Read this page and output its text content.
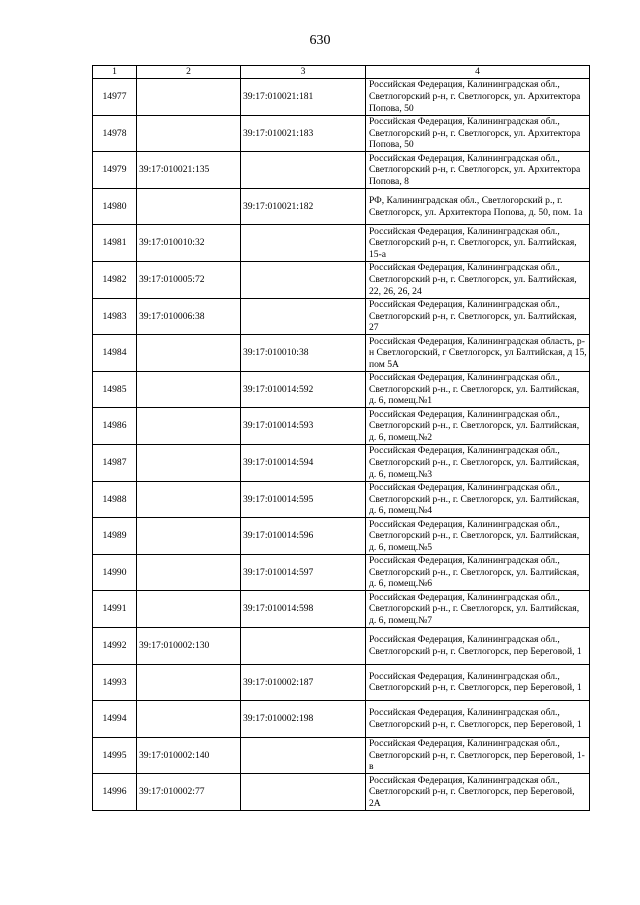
630
1	2	3	4
14977		39:17:010021:181	Российская Федерация, Калининградская обл., Светлогорский р-н, г. Светлогорск, ул. Архитектора Попова, 50
14978		39:17:010021:183	Российская Федерация, Калининградская обл., Светлогорский р-н, г. Светлогорск, ул. Архитектора Попова, 50
14979	39:17:010021:135		Российская Федерация, Калининградская обл., Светлогорский р-н, г. Светлогорск, ул. Архитектора Попова, 8
14980		39:17:010021:182	РФ, Калининградская обл., Светлогорский р., г. Светлогорск, ул. Архитектора Попова, д. 50, пом. 1а
14981	39:17:010010:32		Российская Федерация, Калининградская обл., Светлогорский р-н, г. Светлогорск, ул. Балтийская, 15-а
14982	39:17:010005:72		Российская Федерация, Калининградская обл., Светлогорский р-н, г. Светлогорск, ул. Балтийская, 22, 26, 26, 24
14983	39:17:010006:38		Российская Федерация, Калининградская обл., Светлогорский р-н, г. Светлогорск, ул. Балтийская, 27
14984		39:17:010010:38	Российская Федерация, Калининградская область, р-н Светлогорский, г Светлогорск, ул Балтийская, д 15, пом 5А
14985		39:17:010014:592	Российская Федерация, Калининградская обл., Светлогорский р-н., г. Светлогорск, ул. Балтийская, д. 6, помещ.№1
14986		39:17:010014:593	Российская Федерация, Калининградская обл., Светлогорский р-н., г. Светлогорск, ул. Балтийская, д. 6, помещ.№2
14987		39:17:010014:594	Российская Федерация, Калининградская обл., Светлогорский р-н., г. Светлогорск, ул. Балтийская, д. 6, помещ.№3
14988		39:17:010014:595	Российская Федерация, Калининградская обл., Светлогорский р-н., г. Светлогорск, ул. Балтийская, д. 6, помещ.№4
14989		39:17:010014:596	Российская Федерация, Калининградская обл., Светлогорский р-н., г. Светлогорск, ул. Балтийская, д. 6, помещ.№5
14990		39:17:010014:597	Российская Федерация, Калининградская обл., Светлогорский р-н., г. Светлогорск, ул. Балтийская, д. 6, помещ.№6
14991		39:17:010014:598	Российская Федерация, Калининградская обл., Светлогорский р-н., г. Светлогорск, ул. Балтийская, д. 6, помещ.№7
14992	39:17:010002:130		Российская Федерация, Калининградская обл., Светлогорский р-н, г. Светлогорск, пер Береговой, 1
14993		39:17:010002:187	Российская Федерация, Калининградская обл., Светлогорский р-н, г. Светлогорск, пер Береговой, 1
14994		39:17:010002:198	Российская Федерация, Калининградская обл., Светлогорский р-н, г. Светлогорск, пер Береговой, 1
14995	39:17:010002:140		Российская Федерация, Калининградская обл., Светлогорский р-н, г. Светлогорск, пер Береговой, 1-в
14996	39:17:010002:77		Российская Федерация, Калининградская обл., Светлогорский р-н, г. Светлогорск, пер Береговой, 2А
